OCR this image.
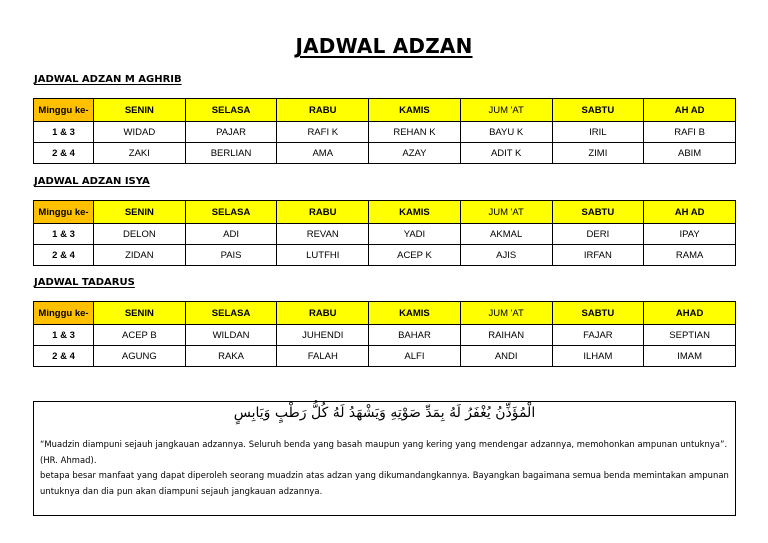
JADWAL ADZAN
JADWAL ADZAN M AGHRIB
Minggu ke-	SENIN	SELASA	RABU	KAMIS	JUM 'AT	SABTU	AH AD
1 & 3	WIDAD	PAJAR	RAFI K	REHAN K	BAYU K	IRIL	RAFI B
2 & 4	ZAKI	BERLIAN	AMA	AZAY	ADIT K	ZIMI	ABIM
JADWAL ADZAN ISYA
Minggu ke-	SENIN	SELASA	RABU	KAMIS	JUM 'AT	SABTU	AH AD
1 & 3	DELON	ADI	REVAN	YADI	AKMAL	DERI	IPAY
2 & 4	ZIDAN	PAIS	LUTFHI	ACEP K	AJIS	IRFAN	RAMA
JADWAL TADARUS
Minggu ke-	SENIN	SELASA	RABU	KAMIS	JUM 'AT	SABTU	AHAD
1 & 3	ACEP B	WILDAN	JUHENDI	BAHAR	RAIHAN	FAJAR	SEPTIAN
2 & 4	AGUNG	RAKA	FALAH	ALFI	ANDI	ILHAM	IMAM
الْمُؤَذِّنُ يُغْفَرُ لَهُ بِمَدِّ صَوْتِهِ وَيَشْهَدُ لَهُ كُلُّ رَطْبٍ وَيَابِسٍ

“Muadzin diampuni sejauh jangkauan adzannya. Seluruh benda yang basah maupun yang kering yang mendengar adzannya, memohonkan ampunan untuknya”. (HR. Ahmad).

betapa besar manfaat yang dapat diperoleh seorang muadzin atas adzan yang dikumandangkannya. Bayangkan bagaimana semua benda memintakan ampunan untuknya dan dia pun akan diampuni sejauh jangkauan adzannya.
